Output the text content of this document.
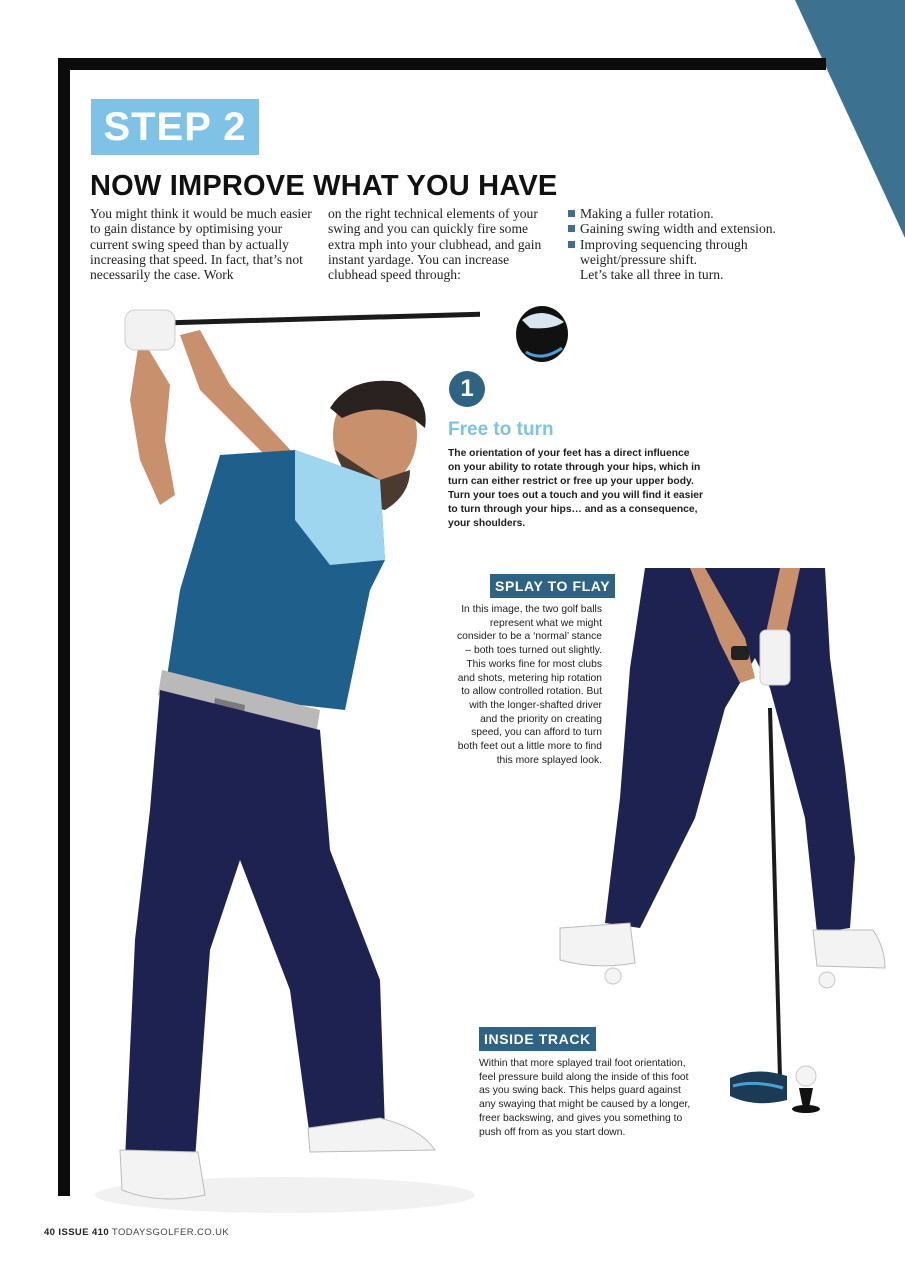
STEP 2
NOW IMPROVE WHAT YOU HAVE

You might think it would be much easier to gain distance by optimising your current swing speed than by actually increasing that speed. In fact, that’s not necessarily the case. Work

on the right technical elements of your swing and you can quickly fire some extra mph into your clubhead, and gain instant yardage. You can increase clubhead speed through:

Making a fuller rotation.
Gaining swing width and extension.
Improving sequencing through weight/pressure shift.

Let’s take all three in turn.

1
Free to turn

The orientation of your feet has a direct influence on your ability to rotate through your hips, which in turn can either restrict or free up your upper body. Turn your toes out a touch and you will find it easier to turn through your hips… and as a consequence, your shoulders.

SPLAY TO FLAY

In this image, the two golf balls represent what we might consider to be a ‘normal’ stance – both toes turned out slightly. This works fine for most clubs and shots, metering hip rotation to allow controlled rotation. But with the longer-shafted driver and the priority on creating speed, you can afford to turn both feet out a little more to find this more splayed look.

INSIDE TRACK

Within that more splayed trail foot orientation, feel pressure build along the inside of this foot as you swing back. This helps guard against any swaying that might be caused by a longer, freer backswing, and gives you something to push off from as you start down.

40 ISSUE 410 TODAYSGOLFER.CO.UK
